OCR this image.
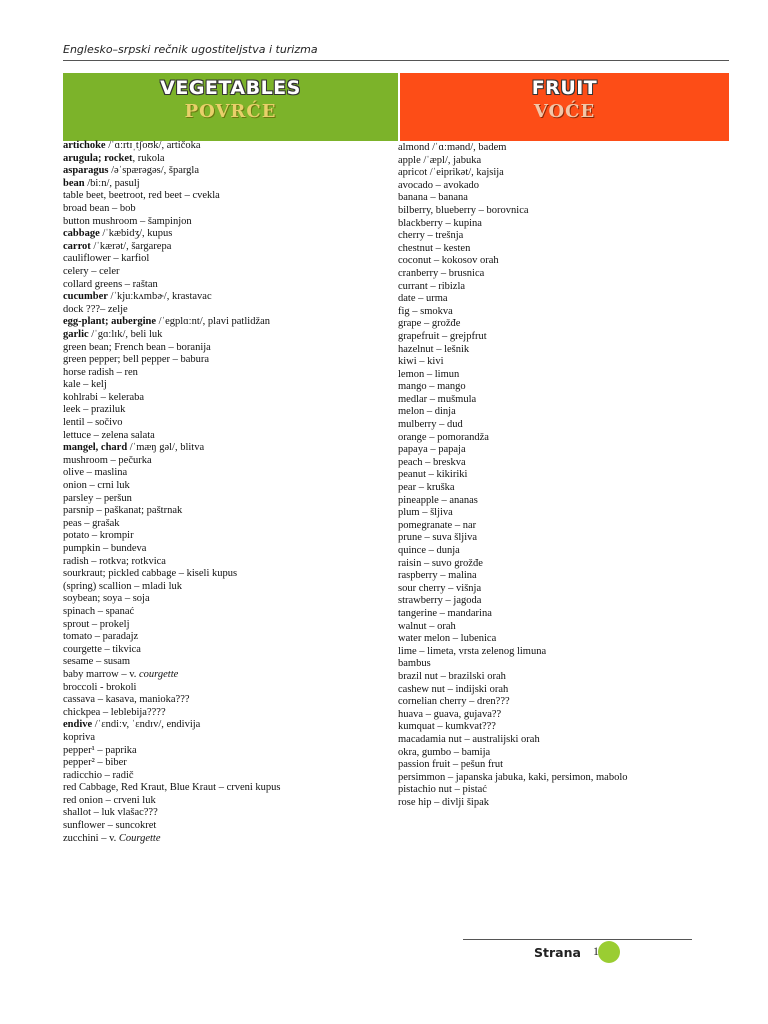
Englesko–srpski rečnik ugostiteljstva i turizma
VEGETABLES
POVRĆE
FRUIT
VOĆE
artichoke /ˈɑːrtɪˌtʃoʊk/, artičoka
arugula; rocket, rukola
asparagus /əˈspærəgəs/, špargla
bean /biːn/, pasulj
table beet, beetroot, red beet – cvekla
broad bean – bob
button mushroom – šampinjon
cabbage /ˈkæbidʒ/, kupus
carrot /ˈkærət/, šargarepa
cauliflower – karfiol
celery – celer
collard greens – raštan
cucumber /ˈkjuːkʌmbɚ/, krastavac
dock ???– zelje
egg-plant; aubergine /ˈegplɑːnt/, plavi patlidžan
garlic /ˈgɑːlɪk/, beli luk
green bean; French bean – boranija
green pepper; bell pepper – babura
horse radish – ren
kale – kelj
kohlrabi – keleraba
leek – praziluk
lentil – sočivo
lettuce – zelena salata
mangel, chard /ˈmæŋ gəl/, blitva
mushroom – pečurka
olive – maslina
onion – crni luk
parsley – peršun
parsnip – paškanat; paštrnak
peas – grašak
potato – krompir
pumpkin – bundeva
radish – rotkva; rotkvica
sourkraut; pickled cabbage – kiseli kupus
(spring) scallion – mladi luk
soybean; soya – soja
spinach – spanać
sprout – prokelj
tomato – paradajz
courgette – tikvica
sesame – susam
baby marrow – v. courgette
broccoli - brokoli
cassava – kasava, manioka???
chickpea – leblebija????
endive /ˈɛndiːv, ˈɛndɪv/, endivija
kopriva
pepper¹ – paprika
pepper² – biber
radicchio – radič
red Cabbage, Red Kraut, Blue Kraut – crveni kupus
red onion – crveni luk
shallot – luk vlašac???
sunflower – suncokret
zucchini – v. Courgette
almond /ˈɑːmənd/, badem
apple /ˈæpl/, jabuka
apricot /ˈeiprikət/, kajsija
avocado – avokado
banana – banana
bilberry, blueberry – borovnica
blackberry – kupina
cherry – trešnja
chestnut – kesten
coconut – kokosov orah
cranberry – brusnica
currant – ribizla
date – urma
fig – smokva
grape – grožđe
grapefruit – grejpfrut
hazelnut – lešnik
kiwi – kivi
lemon – limun
mango – mango
medlar – mušmula
melon – dinja
mulberry – dud
orange – pomorandža
papaya – papaja
peach – breskva
peanut – kikiriki
pear – kruška
pineapple – ananas
plum – šljiva
pomegranate – nar
prune – suva šljiva
quince – dunja
raisin – suvo grožđe
raspberry – malina
sour cherry – višnja
strawberry – jagoda
tangerine – mandarina
walnut – orah
water melon – lubenica
lime – limeta, vrsta zelenog limuna
bambus
brazil nut – brazilski orah
cashew nut – indijski orah
cornelian cherry – dren???
huava – guava, gujava??
kumquat – kumkvat???
macadamia nut – australijski orah
okra, gumbo – bamija
passion fruit – pešun frut
persimmon – japanska jabuka, kaki, persimon, mabolo
pistachio nut – pistać
rose hip – divlji šipak
Strana 1
